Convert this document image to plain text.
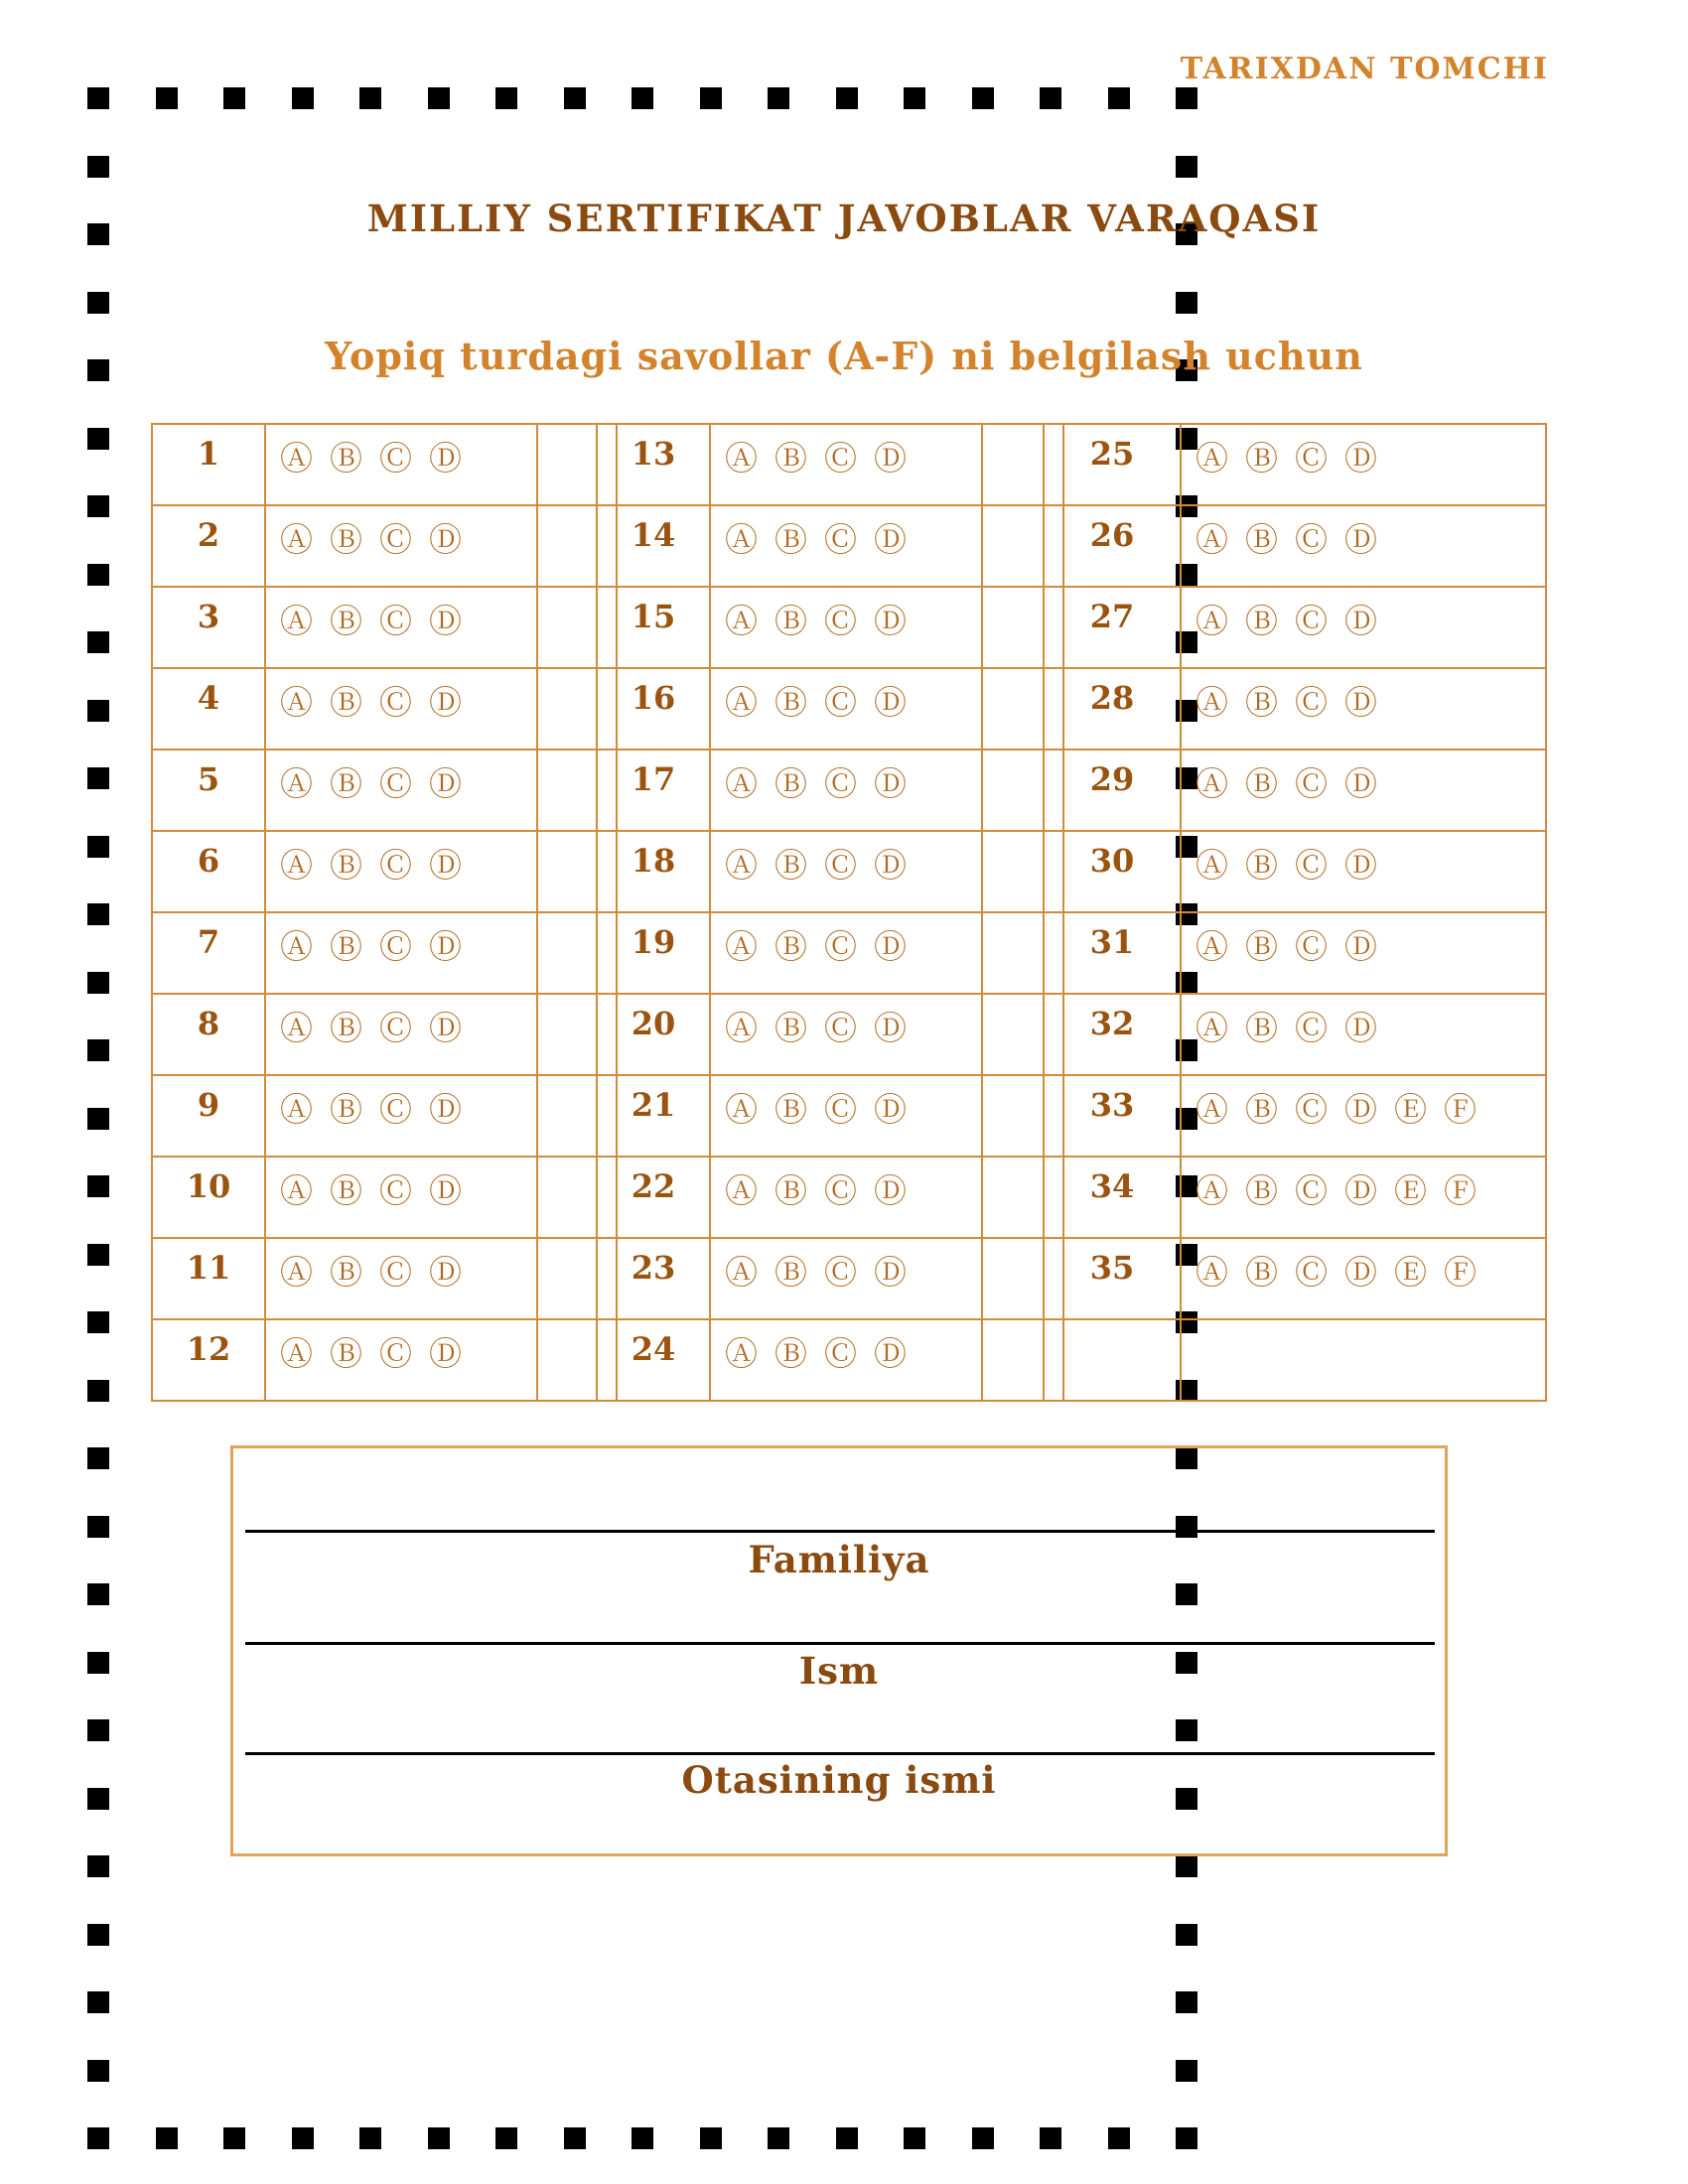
TARIXDAN TOMCHI
MILLIY SERTIFIKAT JAVOBLAR VARAQASI
Yopiq turdagi savollar (A-F) ni belgilash uchun
1	Ⓐ Ⓑ Ⓒ Ⓓ	
2	Ⓐ Ⓑ Ⓒ Ⓓ	
3	Ⓐ Ⓑ Ⓒ Ⓓ	
4	Ⓐ Ⓑ Ⓒ Ⓓ	
5	Ⓐ Ⓑ Ⓒ Ⓓ	
6	Ⓐ Ⓑ Ⓒ Ⓓ	
7	Ⓐ Ⓑ Ⓒ Ⓓ	
8	Ⓐ Ⓑ Ⓒ Ⓓ	
9	Ⓐ Ⓑ Ⓒ Ⓓ	
10	Ⓐ Ⓑ Ⓒ Ⓓ	
11	Ⓐ Ⓑ Ⓒ Ⓓ	
12	Ⓐ Ⓑ Ⓒ Ⓓ	
13	Ⓐ Ⓑ Ⓒ Ⓓ	
14	Ⓐ Ⓑ Ⓒ Ⓓ	
15	Ⓐ Ⓑ Ⓒ Ⓓ	
16	Ⓐ Ⓑ Ⓒ Ⓓ	
17	Ⓐ Ⓑ Ⓒ Ⓓ	
18	Ⓐ Ⓑ Ⓒ Ⓓ	
19	Ⓐ Ⓑ Ⓒ Ⓓ	
20	Ⓐ Ⓑ Ⓒ Ⓓ	
21	Ⓐ Ⓑ Ⓒ Ⓓ	
22	Ⓐ Ⓑ Ⓒ Ⓓ	
23	Ⓐ Ⓑ Ⓒ Ⓓ	
24	Ⓐ Ⓑ Ⓒ Ⓓ	
25	Ⓐ Ⓑ Ⓒ Ⓓ
26	Ⓐ Ⓑ Ⓒ Ⓓ
27	Ⓐ Ⓑ Ⓒ Ⓓ
28	Ⓐ Ⓑ Ⓒ Ⓓ
29	Ⓐ Ⓑ Ⓒ Ⓓ
30	Ⓐ Ⓑ Ⓒ Ⓓ
31	Ⓐ Ⓑ Ⓒ Ⓓ
32	Ⓐ Ⓑ Ⓒ Ⓓ
33	Ⓐ Ⓑ Ⓒ Ⓓ Ⓔ Ⓕ
34	Ⓐ Ⓑ Ⓒ Ⓓ Ⓔ Ⓕ
35	Ⓐ Ⓑ Ⓒ Ⓓ Ⓔ Ⓕ

Familiya
Ism
Otasining ismi
